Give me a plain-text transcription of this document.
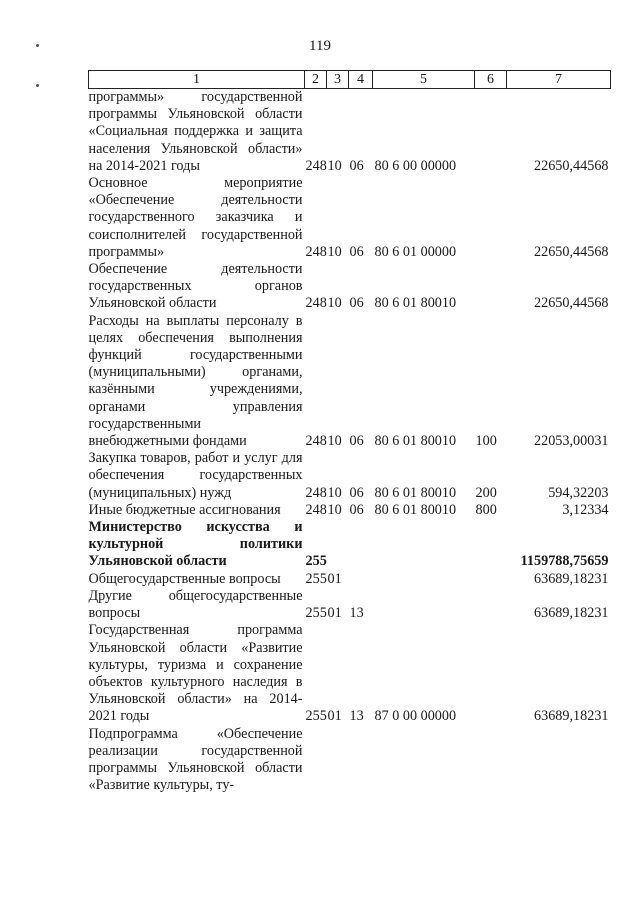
119
1	2	3	4	5	6	7
программы» государственной программы Ульяновской области «Социальная поддержка и защита населения Ульяновской области» на 2014-2021 годы	248	10	06	80 6 00 00000		22650,44568
Основное мероприятие «Обеспечение деятельности государственного заказчика и соисполнителей государственной программы»	248	10	06	80 6 01 00000		22650,44568
Обеспечение деятельности государственных органов Ульяновской области	248	10	06	80 6 01 80010		22650,44568
Расходы на выплаты персоналу в целях обеспечения выполнения функций государственными (муниципальными) органами, казёнными учреждениями, органами управления государственными внебюджетными фондами	248	10	06	80 6 01 80010	100	22053,00031
Закупка товаров, работ и услуг для обеспечения государственных (муниципальных) нужд	248	10	06	80 6 01 80010	200	594,32203
Иные бюджетные ассигнования	248	10	06	80 6 01 80010	800	3,12334
Министерство искусства и культурной политики Ульяновской области	255					1159788,75659
Общегосударственные вопросы	255	01				63689,18231
Другие общегосударственные вопросы	255	01	13			63689,18231
Государственная программа Ульяновской области «Развитие культуры, туризма и сохранение объектов культурного наследия в Ульяновской области» на 2014-2021 годы	255	01	13	87 0 00 00000		63689,18231
Подпрограмма «Обеспечение реализации государственной программы Ульяновской области «Развитие культуры, ту-						
